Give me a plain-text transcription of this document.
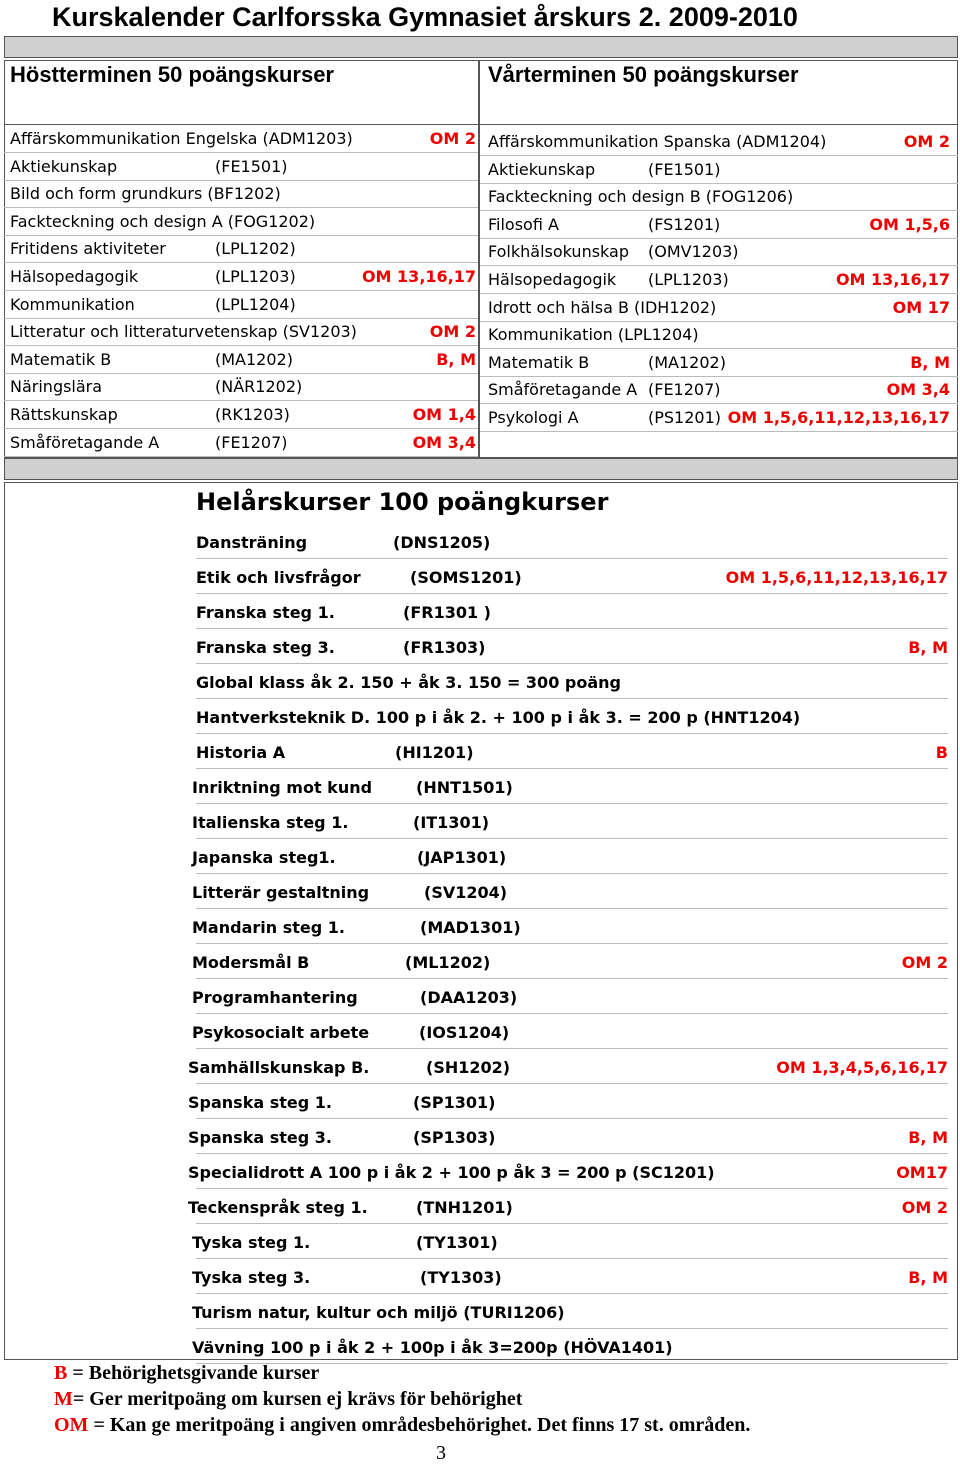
Kurskalender Carlforsska Gymnasiet årskurs 2. 2009-2010
Höstterminen 50 poängskurser	Vårterminen 50 poängskurser
Affärskommunikation Engelska (ADM1203)	OM 2
Aktiekunskap	(FE1501)
Bild och form grundkurs (BF1202)
Fackteckning och design A (FOG1202)
Fritidens aktiviteter	(LPL1202)
Hälsopedagogik	(LPL1203)	OM 13,16,17
Kommunikation	(LPL1204)
Litteratur och litteraturvetenskap (SV1203)	OM 2
Matematik B	(MA1202)	B, M
Näringslära	(NÄR1202)
Rättskunskap	(RK1203)	OM 1,4
Småföretagande A	(FE1207)	OM 3,4
Affärskommunikation Spanska (ADM1204)	OM 2
Aktiekunskap	(FE1501)
Fackteckning och design B (FOG1206)
Filosofi A	(FS1201)	OM 1,5,6
Folkhälsokunskap (OMV1203)
Hälsopedagogik (LPL1203)	OM 13,16,17
Idrott och hälsa B (IDH1202)	OM 17
Kommunikation (LPL1204)
Matematik B	(MA1202)	B, M
Småföretagande A (FE1207)	OM 3,4
Psykologi A	(PS1201) OM 1,5,6,11,12,13,16,17
Helårskurser 100 poängkurser
Dansträning	(DNS1205)
Etik och livsfrågor	(SOMS1201)	OM 1,5,6,11,12,13,16,17
Franska steg 1.	(FR1301 )
Franska steg 3.	(FR1303)	B, M
Global klass åk 2. 150 + åk 3. 150 = 300 poäng
Hantverksteknik D. 100 p i åk 2. + 100 p i åk 3. = 200 p (HNT1204)
Historia A	(HI1201)	B
Inriktning mot kund	(HNT1501)
Italienska steg 1.	(IT1301)
Japanska steg1.	(JAP1301)
Litterär gestaltning	(SV1204)
Mandarin steg 1.	(MAD1301)
Modersmål B	(ML1202)	OM 2
Programhantering	(DAA1203)
Psykosocialt arbete	(IOS1204)
Samhällskunskap B.	(SH1202)	OM 1,3,4,5,6,16,17
Spanska steg 1.	(SP1301)
Spanska steg 3.	(SP1303)	B, M
Specialidrott A 100 p i åk 2 + 100 p åk 3 = 200 p (SC1201)	OM17
Teckenspråk steg 1.	(TNH1201)	OM 2
Tyska steg 1.	(TY1301)
Tyska steg 3.	(TY1303)	B, M
Turism natur, kultur och miljö (TURI1206)
Vävning 100 p i åk 2 + 100p i åk 3=200p (HÖVA1401)
B = Behörighetsgivande kurser
M= Ger meritpoäng om kursen ej krävs för behörighet
OM = Kan ge meritpoäng i angiven områdesbehörighet. Det finns 17 st. områden.
3
